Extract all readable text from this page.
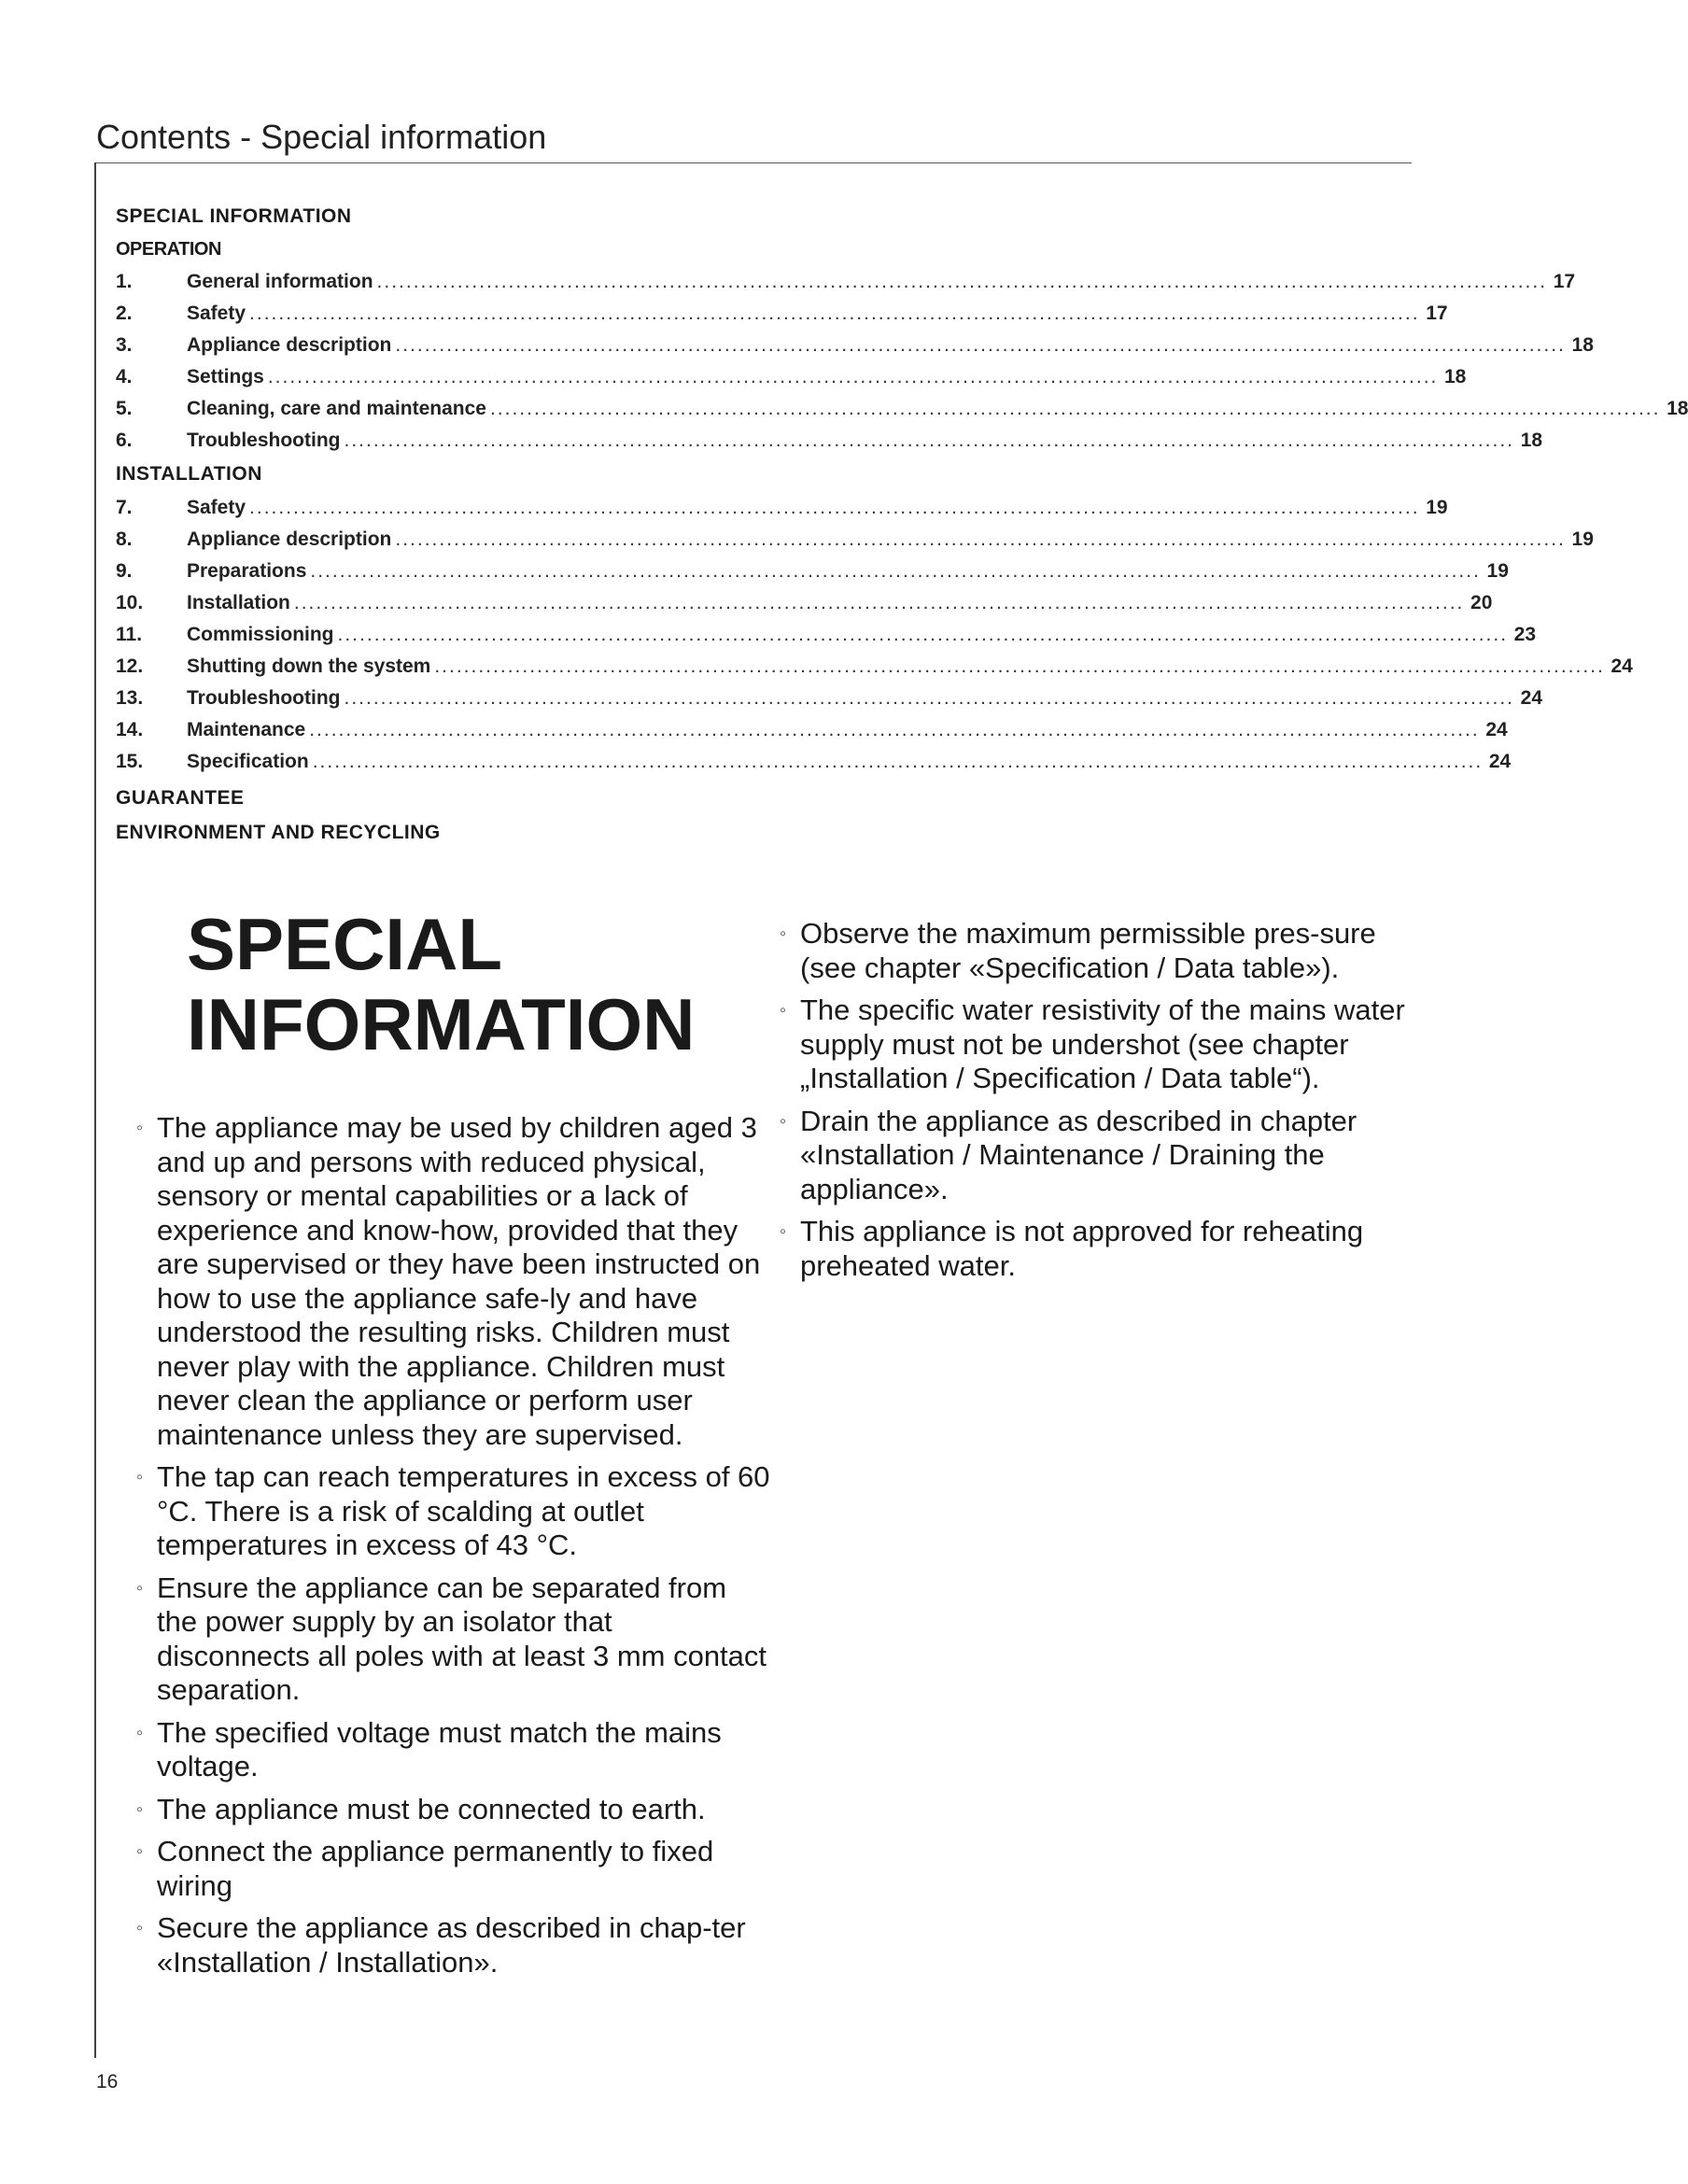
Contents - Special information
SPECIAL INFORMATION
OPERATION
1.	General information ................................................................................................................................................................ 17
2.	Safety ................................................................................................................................................................ 17
3.	Appliance description ................................................................................................................................................................ 18
4.	Settings ................................................................................................................................................................ 18
5.	Cleaning, care and maintenance ................................................................................................................................................................ 18
6.	Troubleshooting ................................................................................................................................................................ 18
INSTALLATION
7.	Safety ................................................................................................................................................................ 19
8.	Appliance description ................................................................................................................................................................ 19
9.	Preparations ................................................................................................................................................................ 19
10.	Installation ................................................................................................................................................................ 20
11.	Commissioning ................................................................................................................................................................ 23
12.	Shutting down the system ................................................................................................................................................................ 24
13.	Troubleshooting ................................................................................................................................................................ 24
14.	Maintenance ................................................................................................................................................................ 24
15.	Specification ................................................................................................................................................................ 24
GUARANTEE
ENVIRONMENT AND RECYCLING
SPECIAL
INFORMATION
◦ The appliance may be used by children aged 3 and up and persons with reduced physical, sensory or mental capabilities or a lack of experience and know-how, provided that they are supervised or they have been instructed on how to use the appliance safe-ly and have understood the resulting risks. Children must never play with the appliance. Children must never clean the appliance or perform user maintenance unless they are supervised.
◦ The tap can reach temperatures in excess of 60 °C. There is a risk of scalding at outlet temperatures in excess of 43 °C.
◦ Ensure the appliance can be separated from the power supply by an isolator that disconnects all poles with at least 3 mm contact separation.
◦ The specified voltage must match the mains voltage.
◦ The appliance must be connected to earth.
◦ Connect the appliance permanently to fixed wiring
◦ Secure the appliance as described in chap-ter «Installation / Installation».
◦ Observe the maximum permissible pres-sure (see chapter «Specification / Data table»).
◦ The specific water resistivity of the mains water supply must not be undershot (see chapter „Installation / Specification / Data table“).
◦ Drain the appliance as described in chapter «Installation / Maintenance / Draining the appliance».
◦ This appliance is not approved for reheating preheated water.
16
